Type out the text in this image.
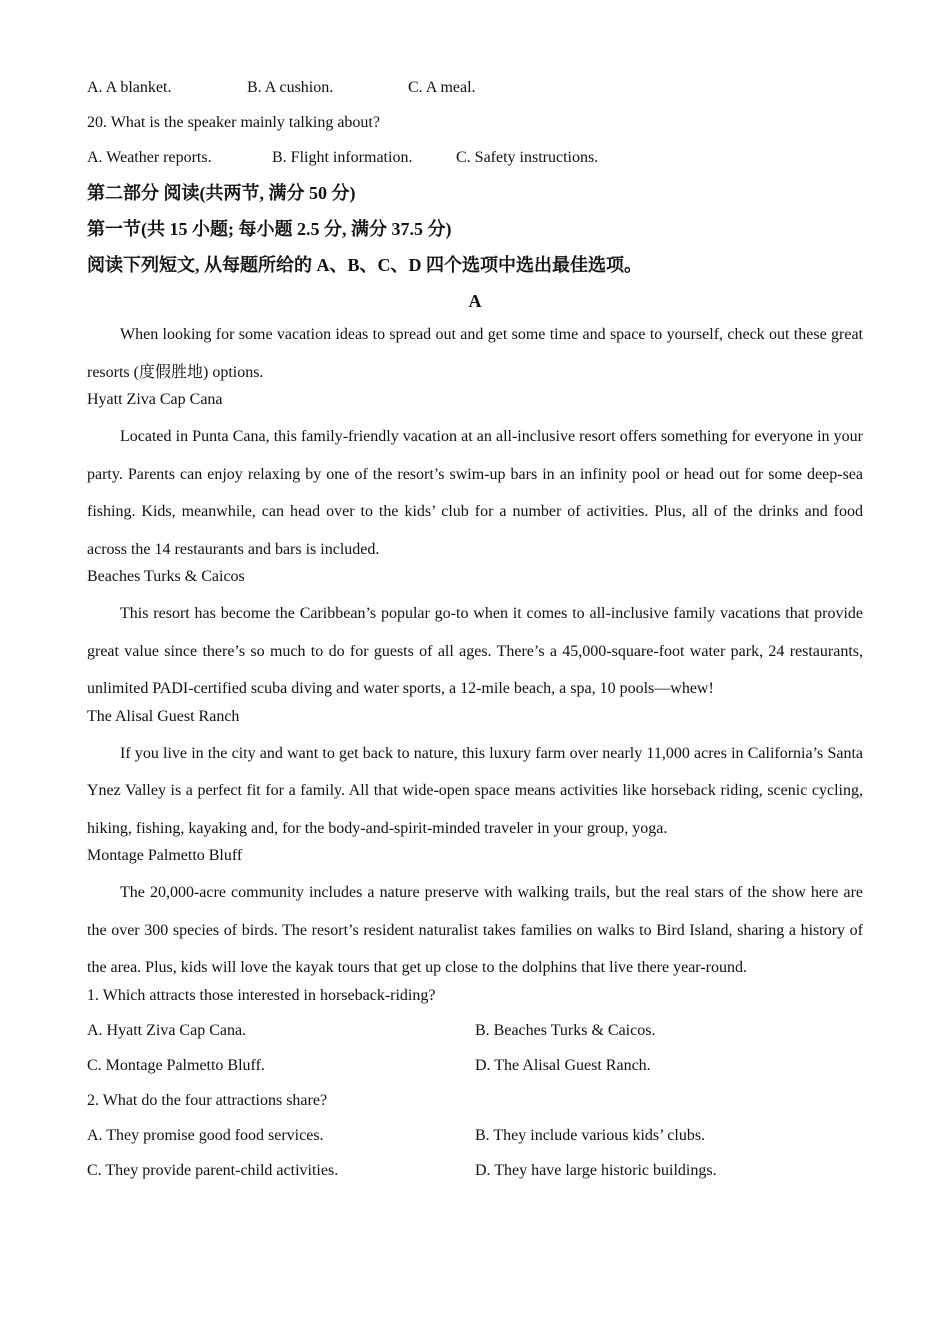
A. A blanket.	B. A cushion.	C. A meal.

20. What is the speaker mainly talking about?

A. Weather reports.	B. Flight information.	C. Safety instructions.
第二部分 阅读(共两节, 满分 50 分)
第一节(共 15 小题; 每小题 2.5 分, 满分 37.5 分)
阅读下列短文, 从每题所给的 A、B、C、D 四个选项中选出最佳选项。
A

When looking for some vacation ideas to spread out and get some time and space to yourself, check out these great resorts (度假胜地) options.

Hyatt Ziva Cap Cana

Located in Punta Cana, this family-friendly vacation at an all-inclusive resort offers something for everyone in your party. Parents can enjoy relaxing by one of the resort’s swim-up bars in an infinity pool or head out for some deep-sea fishing. Kids, meanwhile, can head over to the kids’ club for a number of activities. Plus, all of the drinks and food across the 14 restaurants and bars is included.

Beaches Turks & Caicos

This resort has become the Caribbean’s popular go-to when it comes to all-inclusive family vacations that provide great value since there’s so much to do for guests of all ages. There’s a 45,000-square-foot water park, 24 restaurants, unlimited PADI-certified scuba diving and water sports, a 12-mile beach, a spa, 10 pools—whew!

The Alisal Guest Ranch

If you live in the city and want to get back to nature, this luxury farm over nearly 11,000 acres in California’s Santa Ynez Valley is a perfect fit for a family. All that wide-open space means activities like horseback riding, scenic cycling, hiking, fishing, kayaking and, for the body-and-spirit-minded traveler in your group, yoga.

Montage Palmetto Bluff

The 20,000-acre community includes a nature preserve with walking trails, but the real stars of the show here are the over 300 species of birds. The resort’s resident naturalist takes families on walks to Bird Island, sharing a history of the area. Plus, kids will love the kayak tours that get up close to the dolphins that live there year-round.

1. Which attracts those interested in horseback-riding?

A. Hyatt Ziva Cap Cana.	B. Beaches Turks & Caicos.
C. Montage Palmetto Bluff.	D. The Alisal Guest Ranch.

2. What do the four attractions share?

A. They promise good food services.	B. They include various kids’ clubs.
C. They provide parent-child activities.	D. They have large historic buildings.
